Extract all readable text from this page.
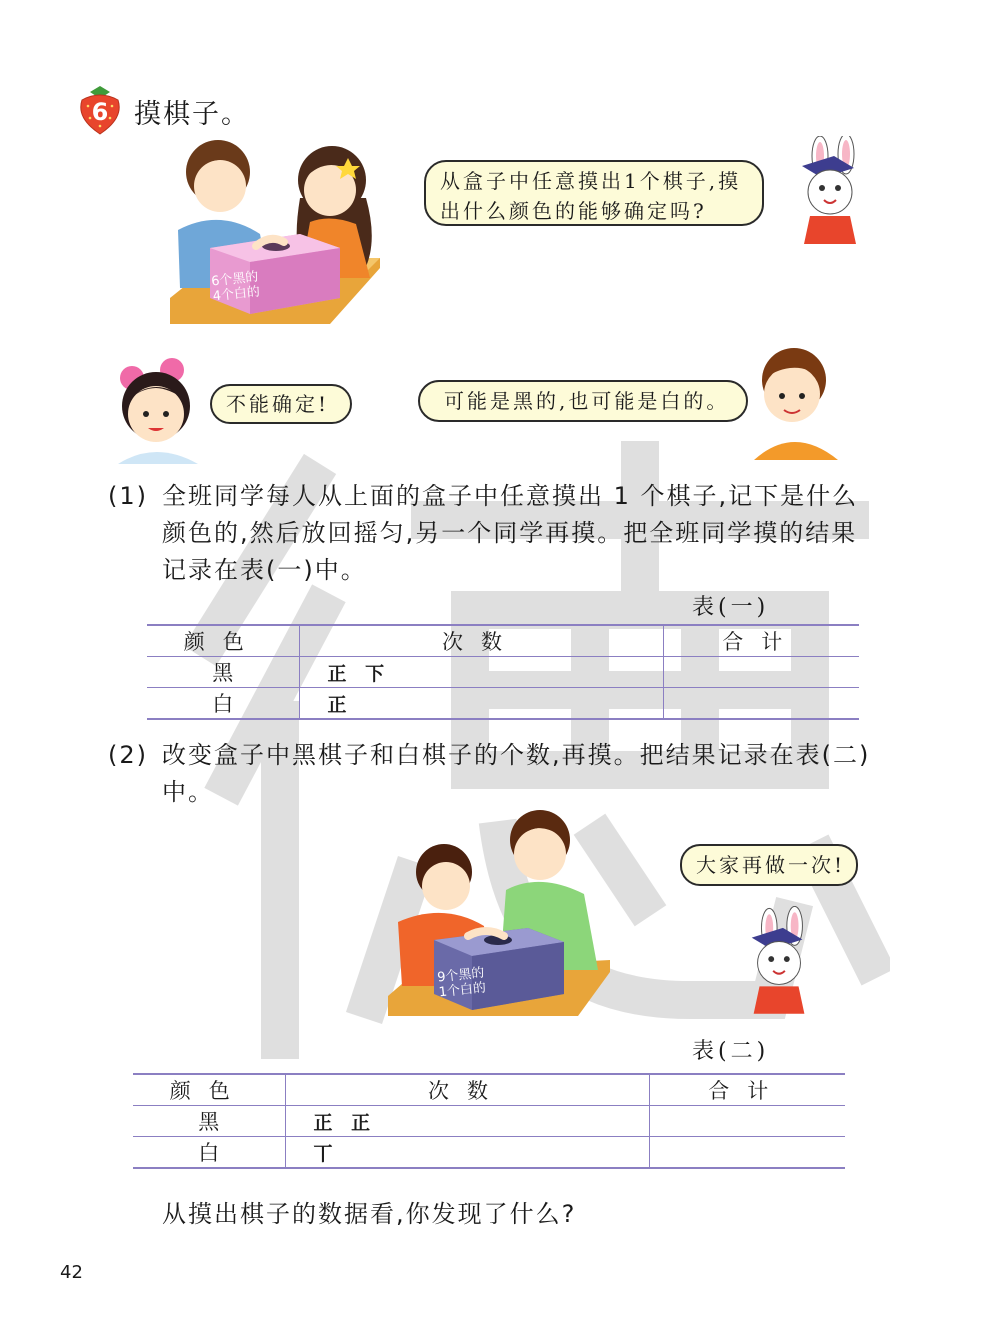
6 摸棋子。
6个黑的
4个白的
从盒子中任意摸出1个棋子,摸
出什么颜色的能够确定吗?
不能确定!	可能是黑的,也可能是白的。
(1) 全班同学每人从上面的盒子中任意摸出 1 个棋子,记下是什么颜色的,然后放回摇匀,另一个同学再摸。把全班同学摸的结果记录在表(一)中。
表(一)
颜色	次数	合计
黑	正 下	
白	正	
(2) 改变盒子中黑棋子和白棋子的个数,再摸。把结果记录在表(二)中。
9个黑的
1个白的
大家再做一次!
表(二)
颜色	次数	合计
黑	正 正	
白	丅	
从摸出棋子的数据看,你发现了什么?
42
